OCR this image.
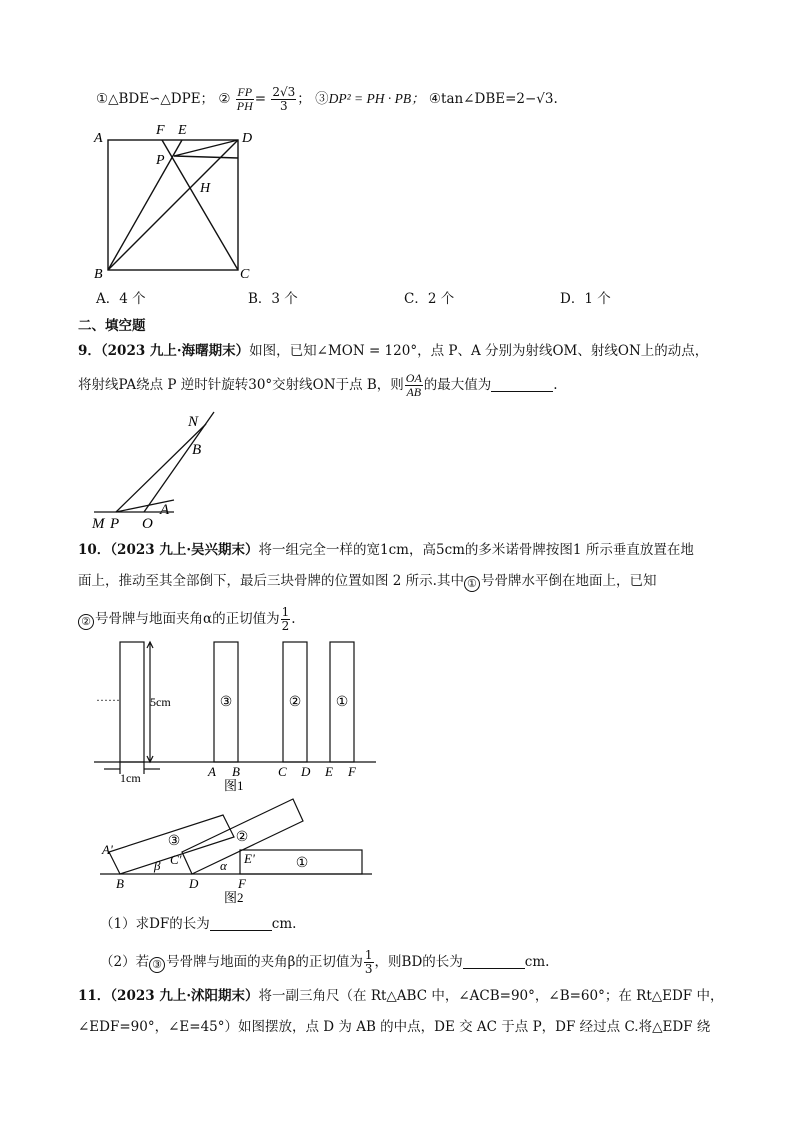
①△BDE∽△DPE； ② $\frac{FP}{PH} = \frac{2√3}{3}$ ； ③DP² = PH · PB； ④tan∠DBE=2−√3.
A
F E
D
P
H
B	C
A．4 个	B．3 个	C．2 个	D．1 个
二、填空题
9．（2023 九上·海曙期末）如图，已知∠MON = 120°，点 P、A 分别为射线OM、射线ON上的动点，
将射线PA绕点 P 逆时针旋转30°交射线ON于点 B，则 $\frac{OA}{AB}$ 的最大值为	.
N
B
M P O
A
10．（2023 九上·吴兴期末）将一组完全一样的宽1cm，高5cm的多米诺骨牌按图1 所示垂直放置在地
面上，推动至其全部倒下，最后三块骨牌的位置如图 2 所示.其中 ① 号骨牌水平倒在地面上，已知
② 号骨牌与地面夹角α的正切值为 $\frac{1}{2}$ .
······	5cm
1cm
③	② ①
A B	C D E F
图1
③	②
①
A'
B
β C'
D
α E'
F
图2
（1）求DF的长为	cm.
（2）若 ③ 号骨牌与地面的夹角β的正切值为 $\frac{1}{3}$ ，则BD的长为	cm.
11．（2023 九上·沭阳期末）将一副三角尺（在 Rt△ABC 中，∠ACB=90°，∠B=60°；在 Rt△EDF 中，
∠EDF=90°，∠E=45°）如图摆放，点 D 为 AB 的中点，DE 交 AC 于点 P，DF 经过点 C.将△EDF 绕
